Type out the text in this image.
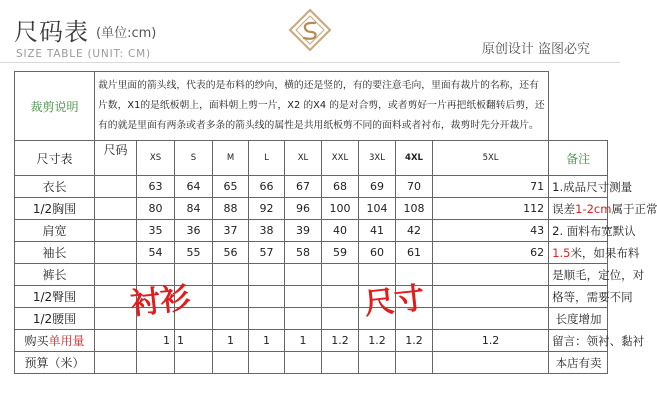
尺码表 (单位:cm)
SIZE TABLE (UNIT: CM)	原创设计 盗图必究
裁剪说明	裁片里面的箭头线，代表的是布料的纱向，横的还是竖的，有的要注意毛向，里面有裁片的名称，还有片数，X1的是纸板朝上，面料朝上剪一片，X2 的X4 的是对合剪，或者剪好一片再把纸板翻转后剪，还有的就是里面有两条或者多条的箭头线的属性是共用纸板剪不同的面料或者衬布，裁剪时先分开裁片。										
尺寸表	尺码	XS	S	M	L	XL	XXL	3XL	4XL	5XL	备注
衣长		63	64	65	66	67	68	69	70	71	1.成品尺寸测量
1/2胸围		80	84	88	92	96	100	104	108	112	误差1-2cm属于正常
肩宽		35	36	37	38	39	40	41	42	43	2. 面料布宽默认
袖长		54	55	56	57	58	59	60	61	62	1.5米，如果布料
裤长											是顺毛，定位，对
1/2臀围											格等，需要不同
1/2腰围											长度增加
购买单用量		1	1	1	1	1	1.2	1.2	1.2	1.2	留言：领衬、黏衬
预算（米）											本店有卖
衬衫	尺寸
